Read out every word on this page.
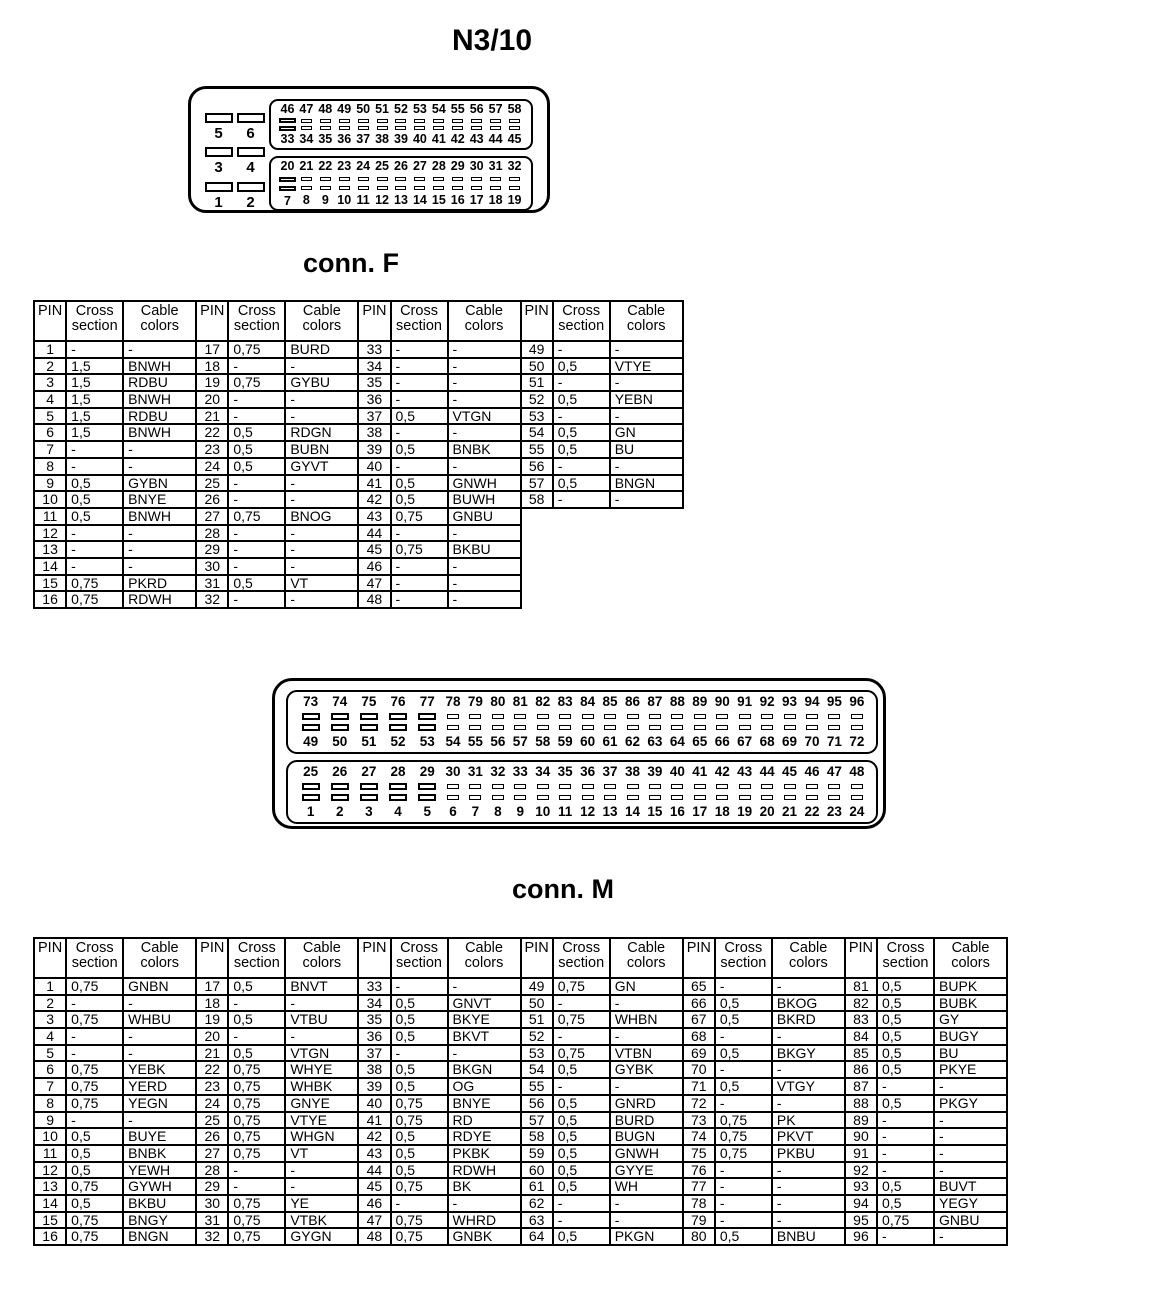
N3/10
5 6
3 4
1 2
46
33
47
34
48
35
49
36
50
37
51
38
52
39
53
40
54
41
55
42
56
43
57
44
58
45
20
7
21
8
22
9
23
10
24
11
25
12
26
13
27
14
28
15
29
16
30
17
31
18
32
19
conn. F
PIN	Cross section	Cable colors
1	-	-
2	1,5	BNWH
3	1,5	RDBU
4	1,5	BNWH
5	1,5	RDBU
6	1,5	BNWH
7	-	-
8	-	-
9	0,5	GYBN
10	0,5	BNYE
11	0,5	BNWH
12	-	-
13	-	-
14	-	-
15	0,75	PKRD
16	0,75	RDWH
PIN	Cross section	Cable colors
17	0,75	BURD
18	-	-
19	0,75	GYBU
20	-	-
21	-	-
22	0,5	RDGN
23	0,5	BUBN
24	0,5	GYVT
25	-	-
26	-	-
27	0,75	BNOG
28	-	-
29	-	-
30	-	-
31	0,5	VT
32	-	-
PIN	Cross section	Cable colors
33	-	-
34	-	-
35	-	-
36	-	-
37	0,5	VTGN
38	-	-
39	0,5	BNBK
40	-	-
41	0,5	GNWH
42	0,5	BUWH
43	0,75	GNBU
44	-	-
45	0,75	BKBU
46	-	-
47	-	-
48	-	-
PIN	Cross section	Cable colors
49	-	-
50	0,5	VTYE
51	-	-
52	0,5	YEBN
53	-	-
54	0,5	GN
55	0,5	BU
56	-	-
57	0,5	BNGN
58	-	-
73
49
74
50
75
51
76
52
77
53
78
54
79
55
80
56
81
57
82
58
83
59
84
60
85
61
86
62
87
63
88
64
89
65
90
66
91
67
92
68
93
69
94
70
95
71
96
72
25
1
26
2
27
3
28
4
29
5
30
6
31
7
32
8
33
9
34
10
35
11
36
12
37
13
38
14
39
15
40
16
41
17
42
18
43
19
44
20
45
21
46
22
47
23
48
24
conn. M
PIN	Cross section	Cable colors
1	0,75	GNBN
2	-	-
3	0,75	WHBU
4	-	-
5	-	-
6	0,75	YEBK
7	0,75	YERD
8	0,75	YEGN
9	-	-
10	0,5	BUYE
11	0,5	BNBK
12	0,5	YEWH
13	0,75	GYWH
14	0,5	BKBU
15	0,75	BNGY
16	0,75	BNGN
PIN	Cross section	Cable colors
17	0,5	BNVT
18	-	-
19	0,5	VTBU
20	-	-
21	0,5	VTGN
22	0,75	WHYE
23	0,75	WHBK
24	0,75	GNYE
25	0,75	VTYE
26	0,75	WHGN
27	0,75	VT
28	-	-
29	-	-
30	0,75	YE
31	0,75	VTBK
32	0,75	GYGN
PIN	Cross section	Cable colors
33	-	-
34	0,5	GNVT
35	0,5	BKYE
36	0,5	BKVT
37	-	-
38	0,5	BKGN
39	0,5	OG
40	0,75	BNYE
41	0,75	RD
42	0,5	RDYE
43	0,5	PKBK
44	0,5	RDWH
45	0,75	BK
46	-	-
47	0,75	WHRD
48	0,75	GNBK
PIN	Cross section	Cable colors
49	0,75	GN
50	-	-
51	0,75	WHBN
52	-	-
53	0,75	VTBN
54	0,5	GYBK
55	-	-
56	0,5	GNRD
57	0,5	BURD
58	0,5	BUGN
59	0,5	GNWH
60	0,5	GYYE
61	0,5	WH
62	-	-
63	-	-
64	0,5	PKGN
PIN	Cross section	Cable colors
65	-	-
66	0,5	BKOG
67	0,5	BKRD
68	-	-
69	0,5	BKGY
70	-	-
71	0,5	VTGY
72	-	-
73	0,75	PK
74	0,75	PKVT
75	0,75	PKBU
76	-	-
77	-	-
78	-	-
79	-	-
80	0,5	BNBU
PIN	Cross section	Cable colors
81	0,5	BUPK
82	0,5	BUBK
83	0,5	GY
84	0,5	BUGY
85	0,5	BU
86	0,5	PKYE
87	-	-
88	0,5	PKGY
89	-	-
90	-	-
91	-	-
92	-	-
93	0,5	BUVT
94	0,5	YEGY
95	0,75	GNBU
96	-	-
